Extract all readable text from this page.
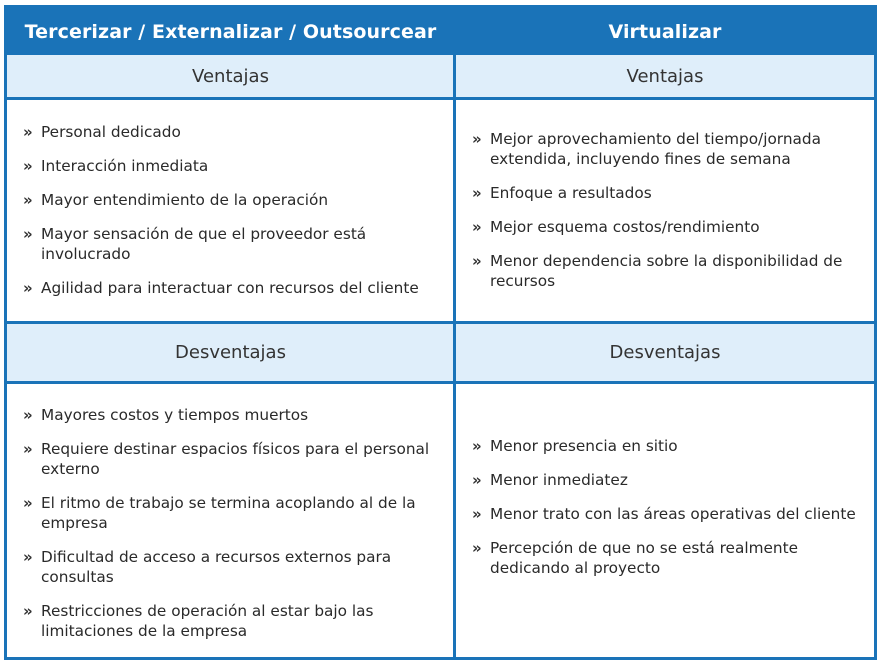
Tercerizar / Externalizar / Outsourcear
Ventajas
» Personal dedicado
» Interacción inmediata
» Mayor entendimiento de la operación
» Mayor sensación de que el proveedor está involucrado
» Agilidad para interactuar con recursos del cliente
Desventajas
» Mayores costos y tiempos muertos
» Requiere destinar espacios físicos para el personal externo
» El ritmo de trabajo se termina acoplando al de la empresa
» Dificultad de acceso a recursos externos para consultas
» Restricciones de operación al estar bajo las limitaciones de la empresa
Virtualizar
Ventajas
» Mejor aprovechamiento del tiempo/jornada extendida, incluyendo fines de semana
» Enfoque a resultados
» Mejor esquema costos/rendimiento
» Menor dependencia sobre la disponibilidad de recursos
Desventajas
» Menor presencia en sitio
» Menor inmediatez
» Menor trato con las áreas operativas del cliente
» Percepción de que no se está realmente dedicando al proyecto
